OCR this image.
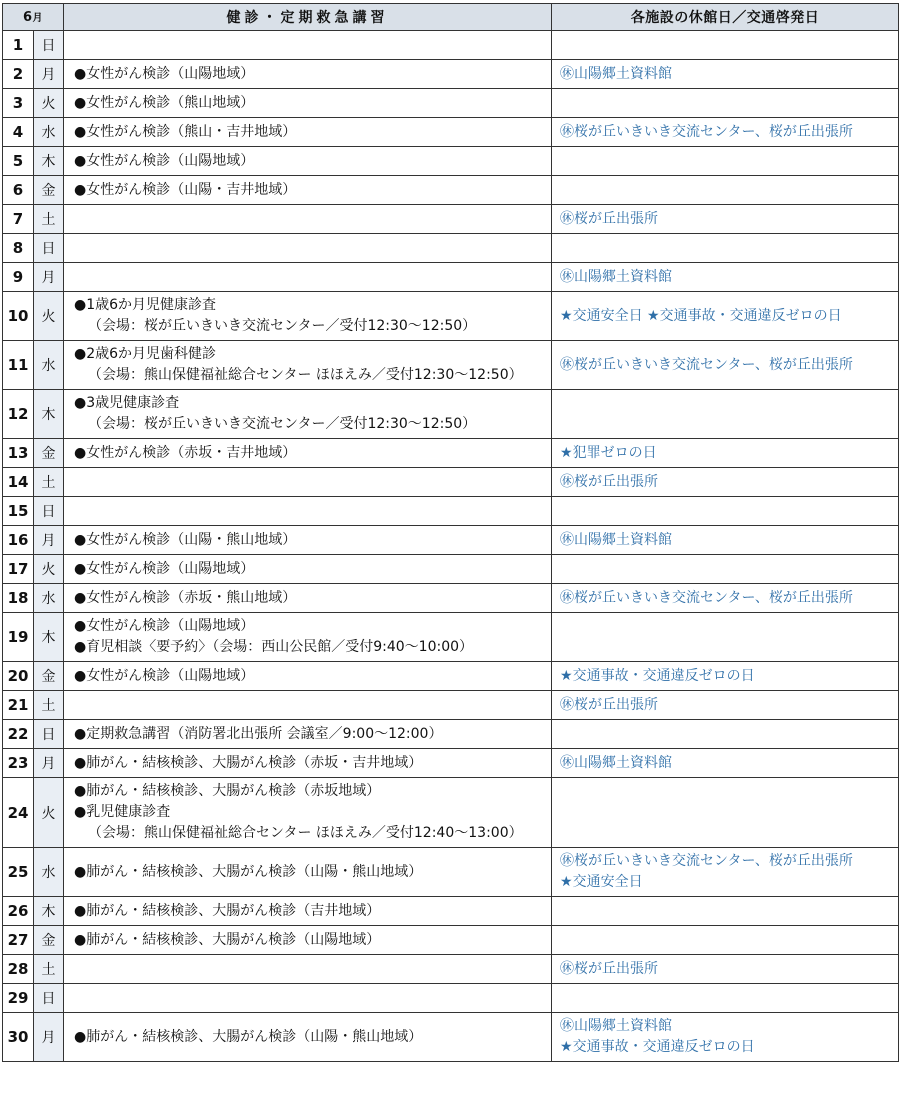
6月		健診・定期救急講習	各施設の休館日／交通啓発日
1	日		
2	月	●女性がん検診（山陽地域）	㊡山陽郷土資料館

3	火	●女性がん検診（熊山地域）	

4	水	●女性がん検診（熊山・吉井地域）	㊡桜が丘いきいき交流センター、桜が丘出張所

5	木	●女性がん検診（山陽地域）	

6	金	●女性がん検診（山陽・吉井地域）	

7	土		㊡桜が丘出張所

8	日		
9	月		㊡山陽郷土資料館

10	火	●1歳6か月児健康診査
（会場：桜が丘いきいき交流センター／受付12:30～12:50）	★交通安全日 ★交通事故・交通違反ゼロの日

11	水	●2歳6か月児歯科健診
（会場：熊山保健福祉総合センター ほほえみ／受付12:30～12:50）	㊡桜が丘いきいき交流センター、桜が丘出張所

12	木	●3歳児健康診査
（会場：桜が丘いきいき交流センター／受付12:30～12:50）	

13	金	●女性がん検診（赤坂・吉井地域）	★犯罪ゼロの日

14	土		㊡桜が丘出張所

15	日		
16	月	●女性がん検診（山陽・熊山地域）	㊡山陽郷土資料館

17	火	●女性がん検診（山陽地域）	

18	水	●女性がん検診（赤坂・熊山地域）	㊡桜が丘いきいき交流センター、桜が丘出張所

19	木	●女性がん検診（山陽地域）
●育児相談〈要予約〉（会場：西山公民館／受付9:40～10:00）	

20	金	●女性がん検診（山陽地域）	★交通事故・交通違反ゼロの日

21	土		㊡桜が丘出張所

22	日	●定期救急講習（消防署北出張所 会議室／9:00～12:00）	

23	月	●肺がん・結核検診、大腸がん検診（赤坂・吉井地域）	㊡山陽郷土資料館

24	火	●肺がん・結核検診、大腸がん検診（赤坂地域）
●乳児健康診査
（会場：熊山保健福祉総合センター ほほえみ／受付12:40～13:00）	

25	水	●肺がん・結核検診、大腸がん検診（山陽・熊山地域）	㊡桜が丘いきいき交流センター、桜が丘出張所
★交通安全日

26	木	●肺がん・結核検診、大腸がん検診（吉井地域）	

27	金	●肺がん・結核検診、大腸がん検診（山陽地域）	

28	土		㊡桜が丘出張所

29	日		
30	月	●肺がん・結核検診、大腸がん検診（山陽・熊山地域）	㊡山陽郷土資料館
★交通事故・交通違反ゼロの日
